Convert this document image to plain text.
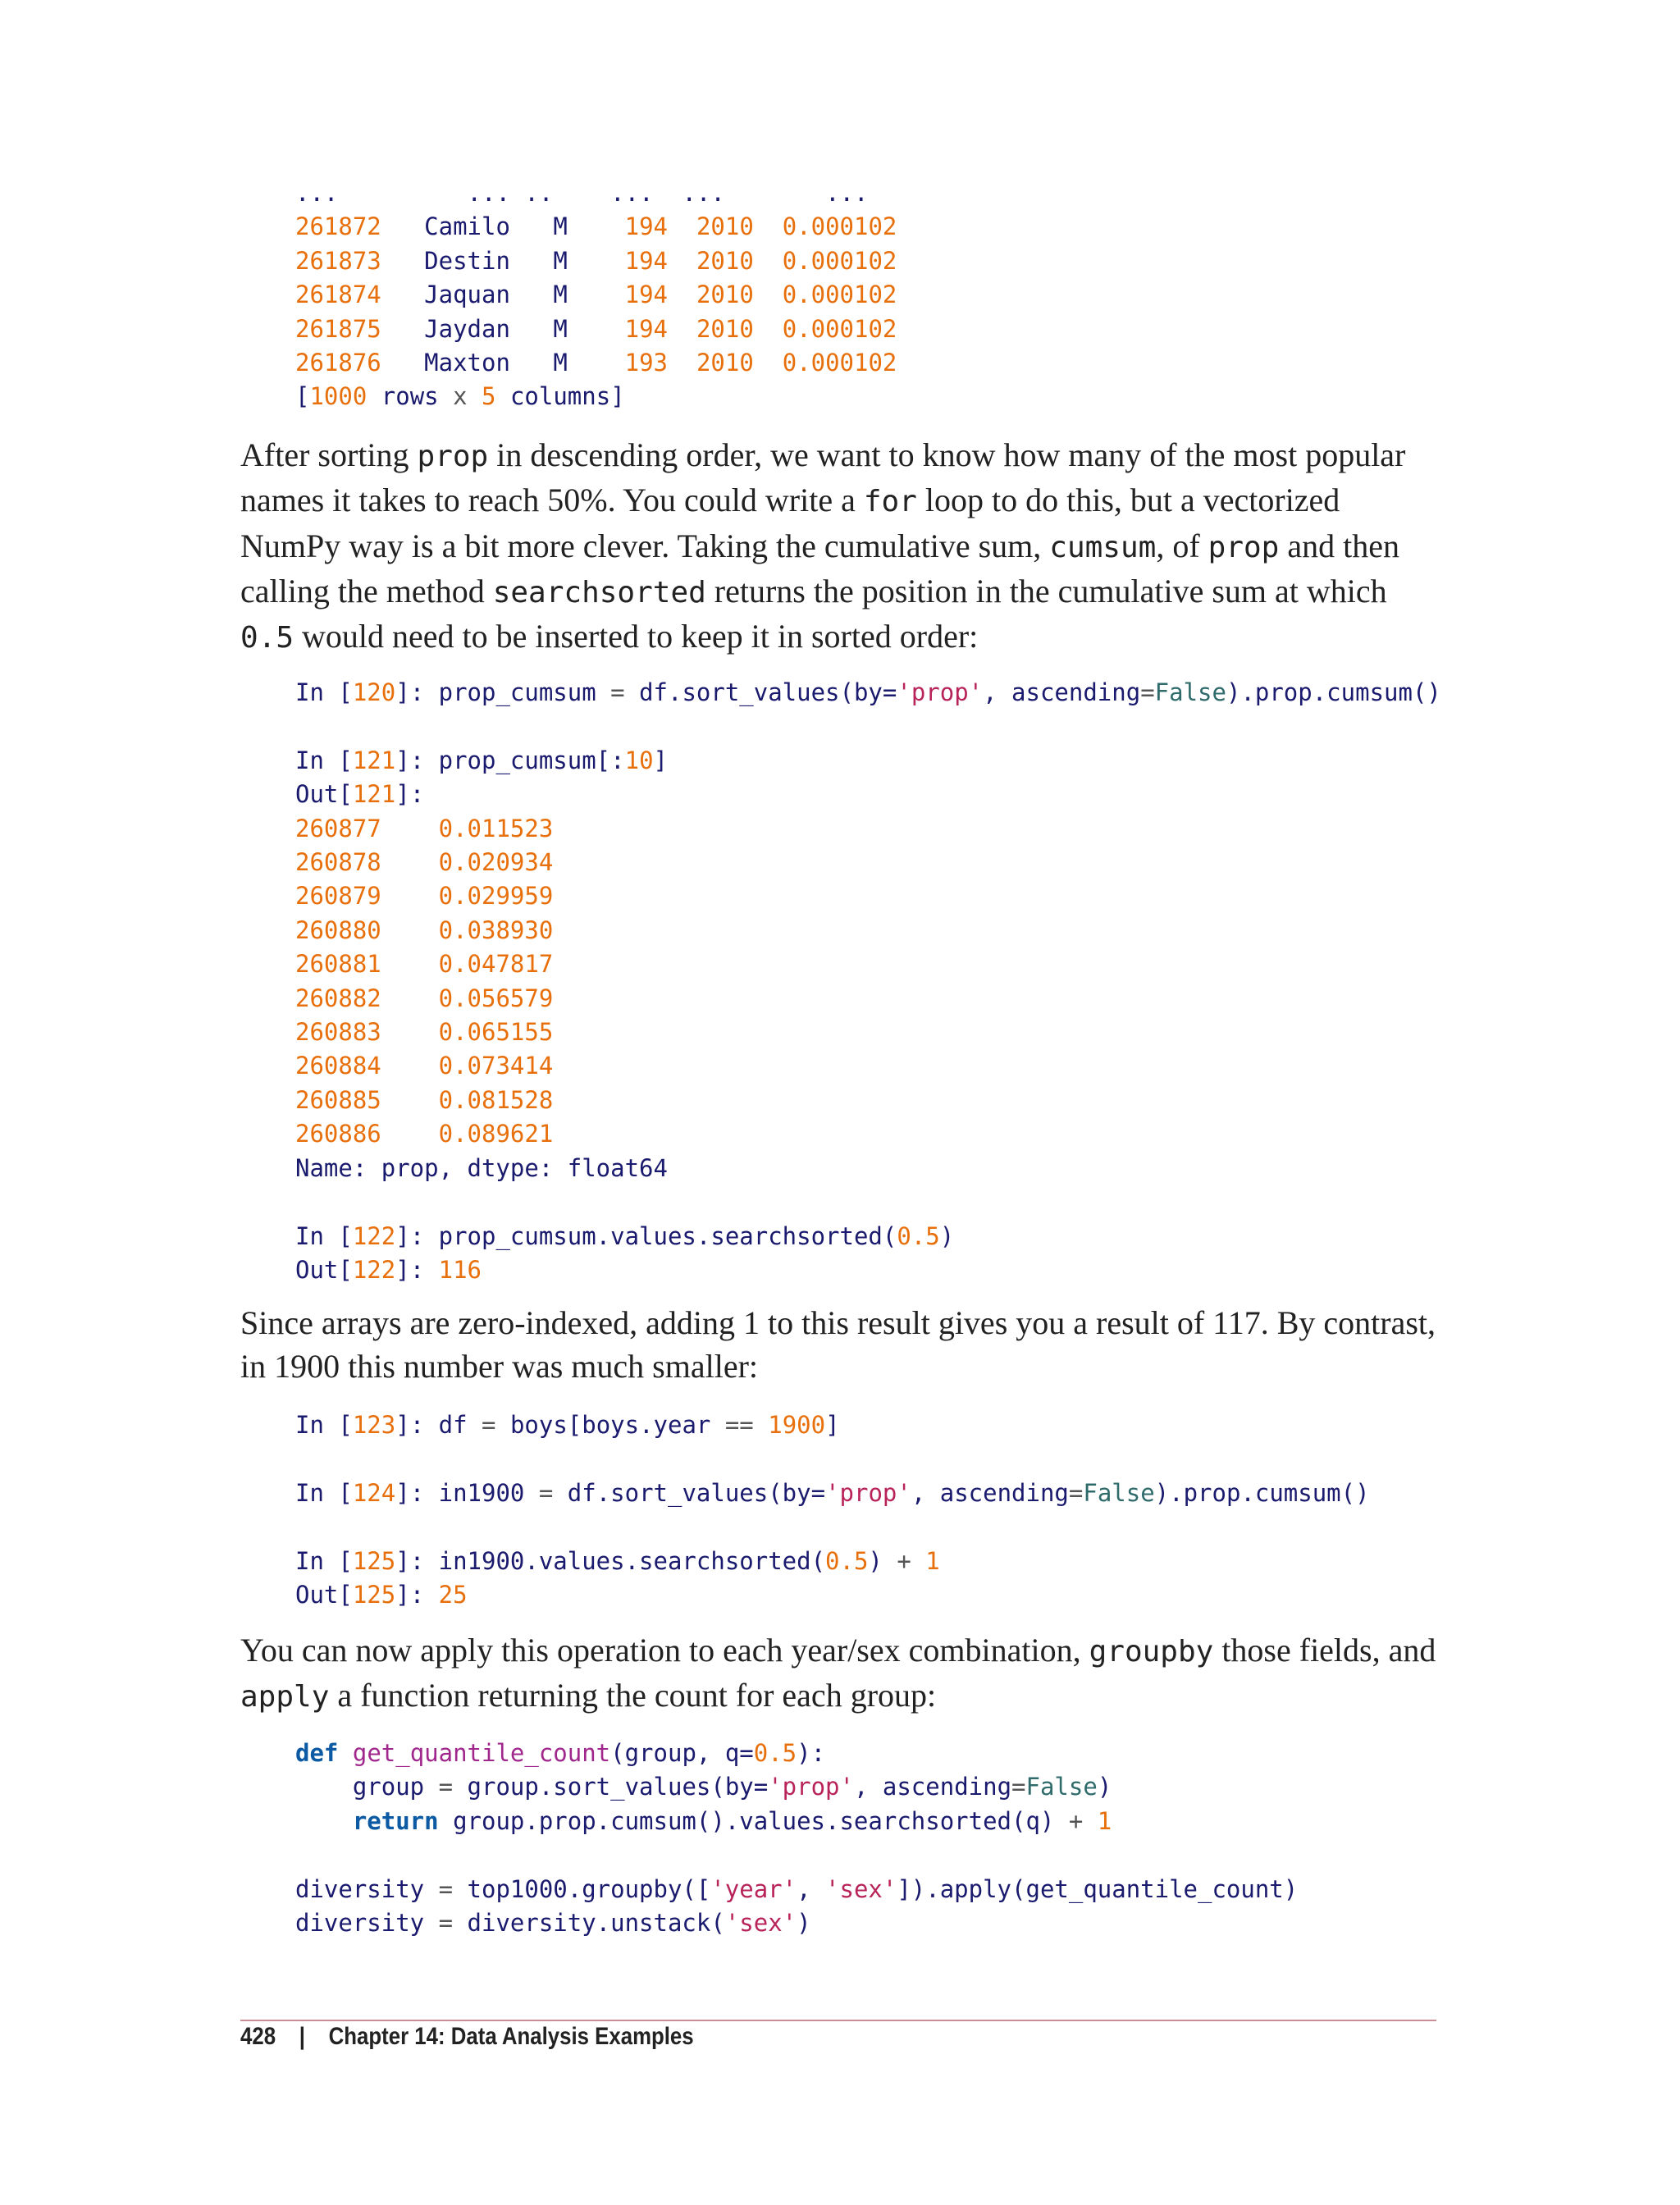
...	... .. ... ...	...
261872 Camilo M 194 2010 0.000102
261873 Destin M 194 2010 0.000102
261874 Jaquan M 194 2010 0.000102
261875 Jaydan M 194 2010 0.000102
261876 Maxton M 193 2010 0.000102
[1000 rows x 5 columns]

After sorting prop in descending order, we want to know how many of the most popular names it takes to reach 50%. You could write a for loop to do this, but a vectorized NumPy way is a bit more clever. Taking the cumulative sum, cumsum, of prop and then calling the method searchsorted returns the position in the cumulative sum at which 0.5 would need to be inserted to keep it in sorted order:

In [120]: prop_cumsum = df.sort_values(by='prop', ascending=False).prop.cumsum()

In [121]: prop_cumsum[:10]
Out[121]:
260877 0.011523
260878 0.020934
260879 0.029959
260880 0.038930
260881 0.047817
260882 0.056579
260883 0.065155
260884 0.073414
260885 0.081528
260886 0.089621
Name: prop, dtype: float64

In [122]: prop_cumsum.values.searchsorted(0.5)
Out[122]: 116

Since arrays are zero-indexed, adding 1 to this result gives you a result of 117. By contrast, in 1900 this number was much smaller:

In [123]: df = boys[boys.year == 1900]

In [124]: in1900 = df.sort_values(by='prop', ascending=False).prop.cumsum()

In [125]: in1900.values.searchsorted(0.5) + 1
Out[125]: 25

You can now apply this operation to each year/sex combination, groupby those fields, and apply a function returning the count for each group:

def get_quantile_count(group, q=0.5):
group = group.sort_values(by='prop', ascending=False)
return group.prop.cumsum().values.searchsorted(q) + 1

diversity = top1000.groupby(['year', 'sex']).apply(get_quantile_count)
diversity = diversity.unstack('sex')
428 | Chapter 14: Data Analysis Examples
